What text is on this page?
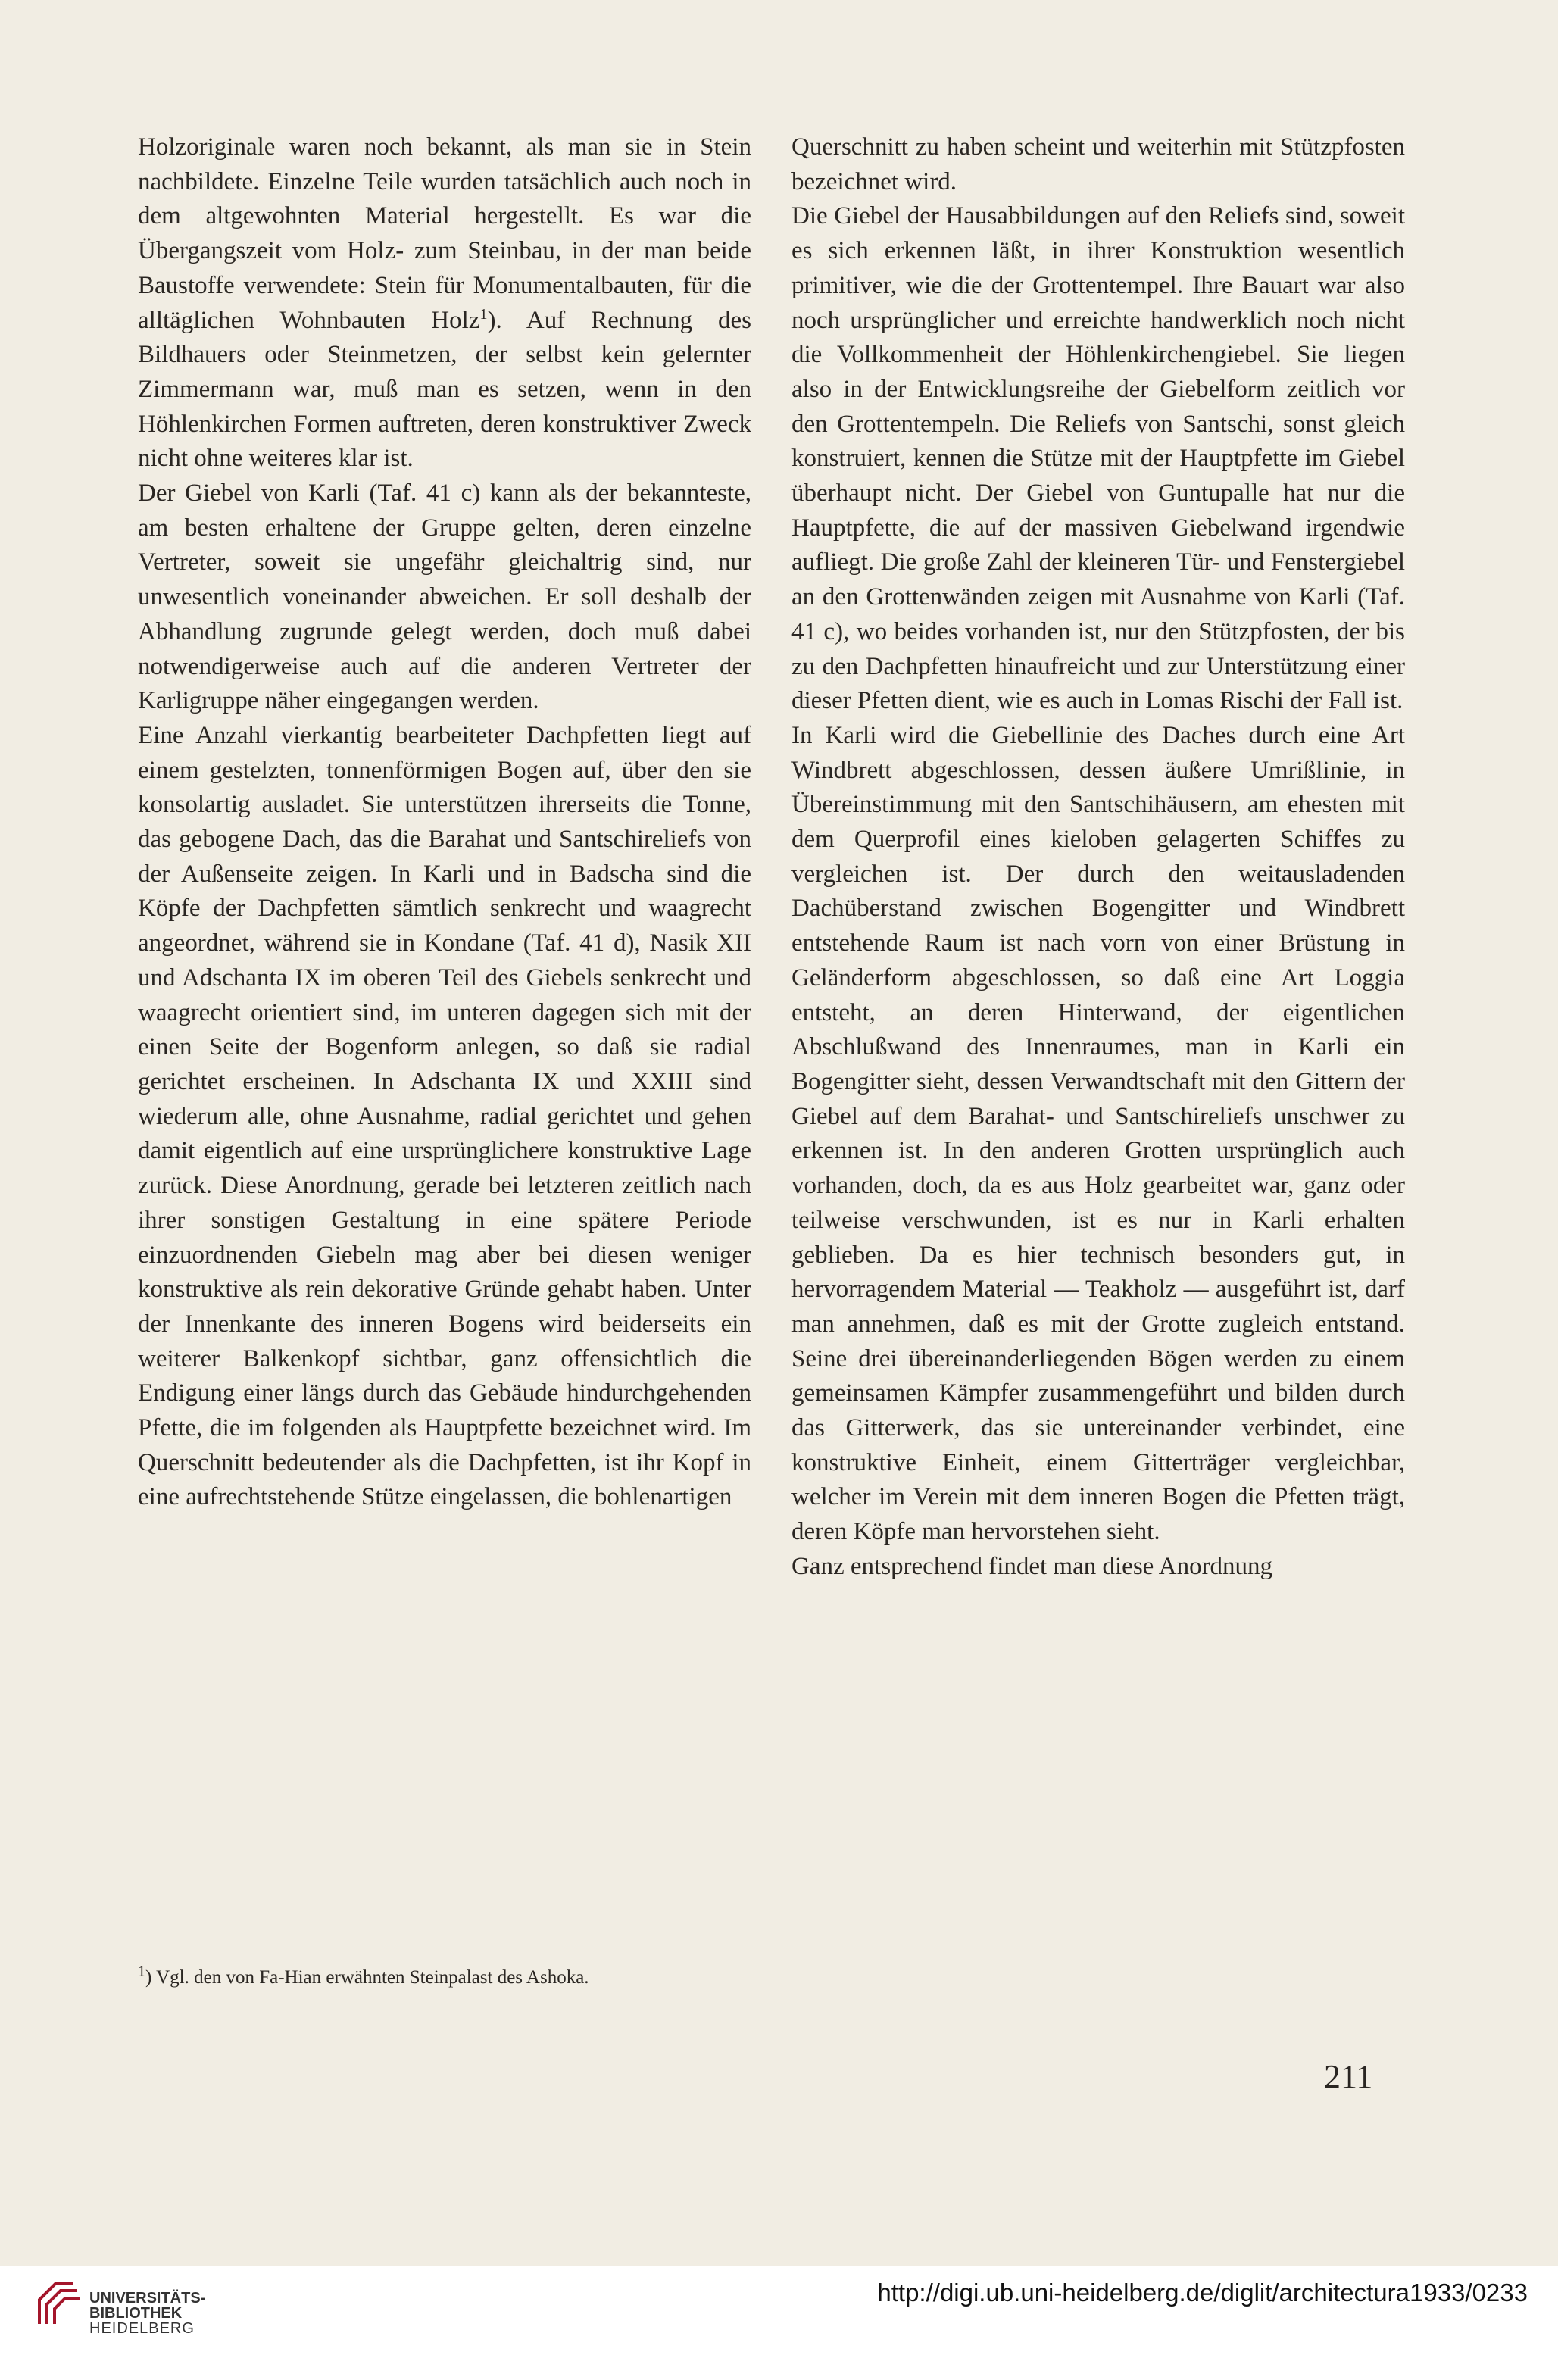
Holzoriginale waren noch bekannt, als man sie in Stein nachbildete. Einzelne Teile wurden tatsächlich auch noch in dem altgewohnten Material hergestellt. Es war die Übergangszeit vom Holz- zum Steinbau, in der man beide Baustoffe verwendete: Stein für Monumentalbauten, für die alltäglichen Wohnbauten Holz$^1$). Auf Rechnung des Bildhauers oder Steinmetzen, der selbst kein gelernter Zimmermann war, muß man es setzen, wenn in den Höhlenkirchen Formen auftreten, deren konstruktiver Zweck nicht ohne weiteres klar ist.

Der Giebel von Karli (Taf. 41 c) kann als der bekannteste, am besten erhaltene der Gruppe gelten, deren einzelne Vertreter, soweit sie ungefähr gleichaltrig sind, nur unwesentlich voneinander abweichen. Er soll deshalb der Abhandlung zugrunde gelegt werden, doch muß dabei notwendigerweise auch auf die anderen Vertreter der Karligruppe näher eingegangen werden.

Eine Anzahl vierkantig bearbeiteter Dachpfetten liegt auf einem gestelzten, tonnenförmigen Bogen auf, über den sie konsolartig ausladet. Sie unterstützen ihrerseits die Tonne, das gebogene Dach, das die Barahat und Santschireliefs von der Außenseite zeigen. In Karli und in Badscha sind die Köpfe der Dachpfetten sämtlich senkrecht und waagrecht angeordnet, während sie in Kondane (Taf. 41 d), Nasik XII und Adschanta IX im oberen Teil des Giebels senkrecht und waagrecht orientiert sind, im unteren dagegen sich mit der einen Seite der Bogenform anlegen, so daß sie radial gerichtet erscheinen. In Adschanta IX und XXIII sind wiederum alle, ohne Ausnahme, radial gerichtet und gehen damit eigentlich auf eine ursprünglichere konstruktive Lage zurück. Diese Anordnung, gerade bei letzteren zeitlich nach ihrer sonstigen Gestaltung in eine spätere Periode einzuordnenden Giebeln mag aber bei diesen weniger konstruktive als rein dekorative Gründe gehabt haben. Unter der Innenkante des inneren Bogens wird beiderseits ein weiterer Balkenkopf sichtbar, ganz offensichtlich die Endigung einer längs durch das Gebäude hindurchgehenden Pfette, die im folgenden als Hauptpfette bezeichnet wird. Im Querschnitt bedeutender als die Dachpfetten, ist ihr Kopf in eine aufrechtstehende Stütze eingelassen, die bohlenartigen

$^1$) Vgl. den von Fa-Hian erwähnten Steinpalast des Ashoka.

Querschnitt zu haben scheint und weiterhin mit Stützpfosten bezeichnet wird.

Die Giebel der Hausabbildungen auf den Reliefs sind, soweit es sich erkennen läßt, in ihrer Konstruktion wesentlich primitiver, wie die der Grottentempel. Ihre Bauart war also noch ursprünglicher und erreichte handwerklich noch nicht die Vollkommenheit der Höhlenkirchengiebel. Sie liegen also in der Entwicklungsreihe der Giebelform zeitlich vor den Grottentempeln. Die Reliefs von Santschi, sonst gleich konstruiert, kennen die Stütze mit der Hauptpfette im Giebel überhaupt nicht. Der Giebel von Guntupalle hat nur die Hauptpfette, die auf der massiven Giebelwand irgendwie aufliegt. Die große Zahl der kleineren Tür- und Fenstergiebel an den Grottenwänden zeigen mit Ausnahme von Karli (Taf. 41 c), wo beides vorhanden ist, nur den Stützpfosten, der bis zu den Dachpfetten hinaufreicht und zur Unterstützung einer dieser Pfetten dient, wie es auch in Lomas Rischi der Fall ist.

In Karli wird die Giebellinie des Daches durch eine Art Windbrett abgeschlossen, dessen äußere Umrißlinie, in Übereinstimmung mit den Santschihäusern, am ehesten mit dem Querprofil eines kieloben gelagerten Schiffes zu vergleichen ist. Der durch den weitausladenden Dachüberstand zwischen Bogengitter und Windbrett entstehende Raum ist nach vorn von einer Brüstung in Geländerform abgeschlossen, so daß eine Art Loggia entsteht, an deren Hinterwand, der eigentlichen Abschlußwand des Innenraumes, man in Karli ein Bogengitter sieht, dessen Verwandtschaft mit den Gittern der Giebel auf dem Barahat- und Santschireliefs unschwer zu erkennen ist. In den anderen Grotten ursprünglich auch vorhanden, doch, da es aus Holz gearbeitet war, ganz oder teilweise verschwunden, ist es nur in Karli erhalten geblieben. Da es hier technisch besonders gut, in hervorragendem Material — Teakholz — ausgeführt ist, darf man annehmen, daß es mit der Grotte zugleich entstand. Seine drei übereinanderliegenden Bögen werden zu einem gemeinsamen Kämpfer zusammengeführt und bilden durch das Gitterwerk, das sie untereinander verbindet, eine konstruktive Einheit, einem Gitterträger vergleichbar, welcher im Verein mit dem inneren Bogen die Pfetten trägt, deren Köpfe man hervorstehen sieht.

Ganz entsprechend findet man diese Anordnung

211
UNIVERSITÄTS-
BIBLIOTHEK
HEIDELBERG
http://digi.ub.uni-heidelberg.de/diglit/architectura1933/0233
